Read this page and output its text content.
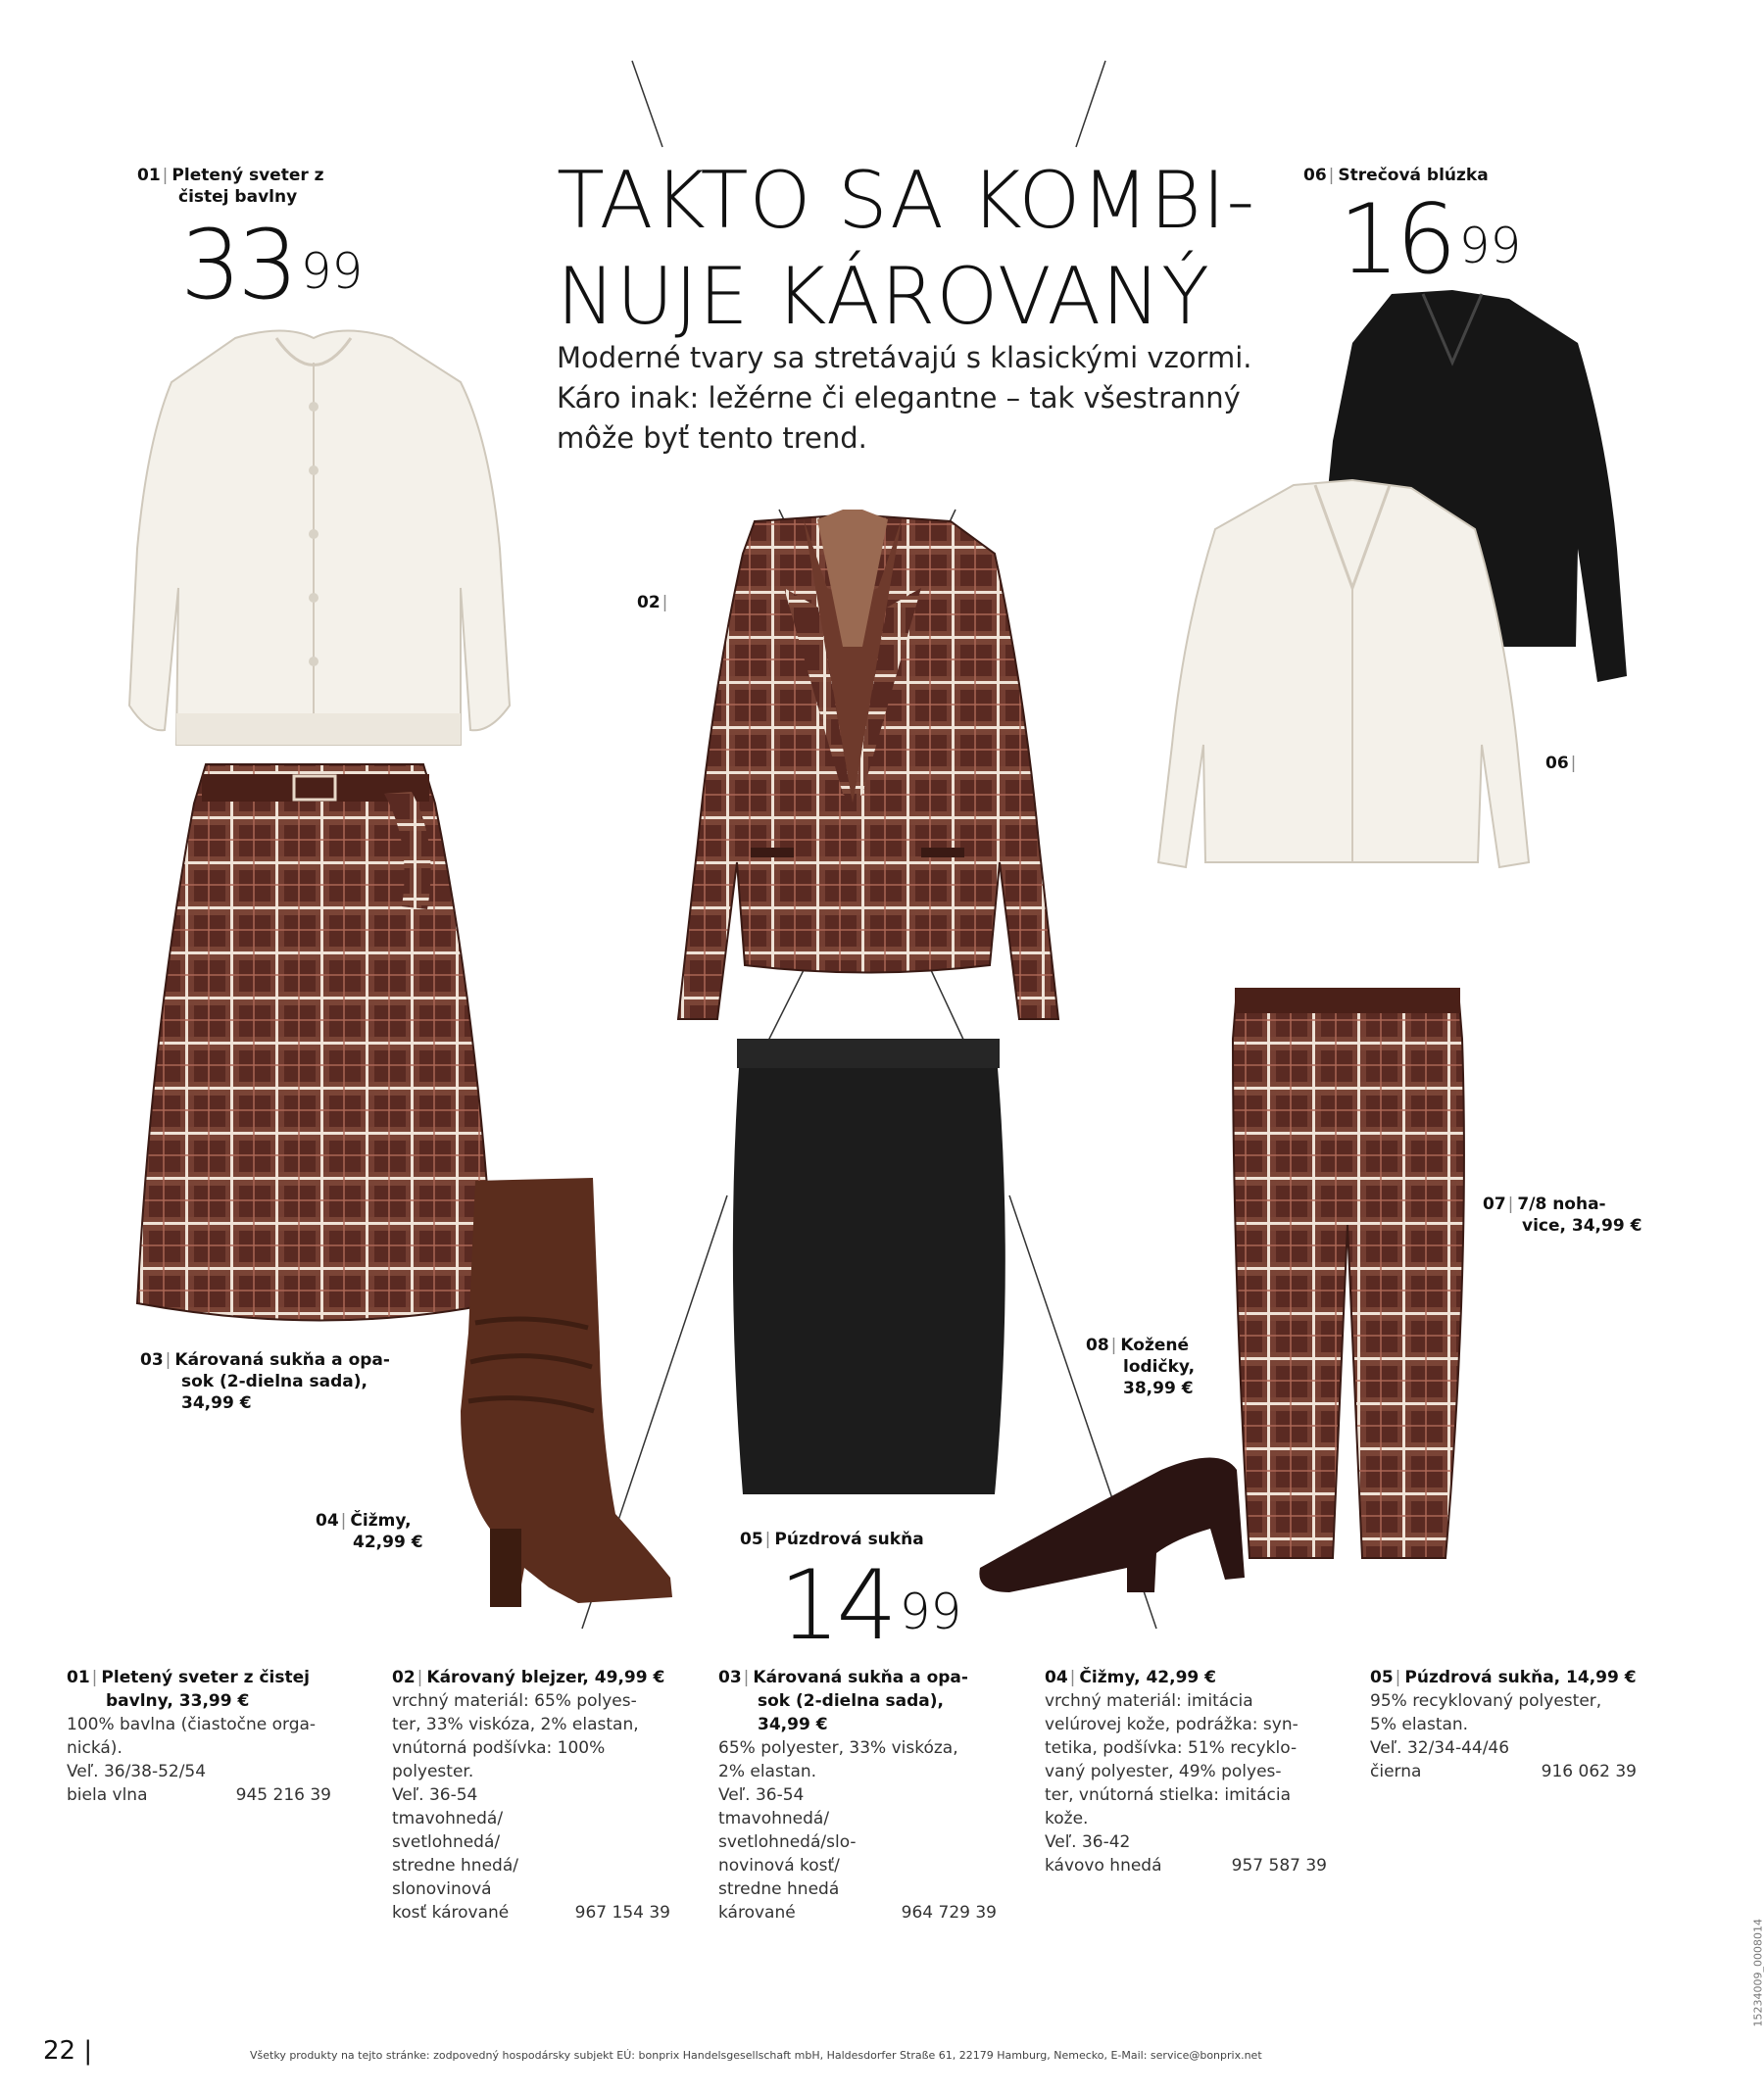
TAKTO SA KOMBI-
NUJE KÁROVANÝ
Moderné tvary sa stretávajú s klasickými vzormi.
Káro inak: ležérne či elegantne – tak všestranný
môže byť tento trend.
01 | Pletený sveter z
čistej bavlny
33 $^{99}$
06 | Strečová blúzka
16 $^{99}$
02 |
06 |
03 | Károvaná sukňa a opa-
sok (2-dielna sada),
34,99 €
04 | Čižmy,
42,99 €	05 | Púzdrová sukňa
14 $^{99}$
07 | 7/8 noha-
vice, 34,99 €
08 | Kožené
lodičky,
38,99 €
01 | Pletený sveter z čistej
bavlny, 33,99 €
100% bavlna (čiastočne orga-
nická).
Veľ. 36/38-52/54
biela vlna	945 216 39
02 | Károvaný blejzer, 49,99 €
vrchný materiál: 65% polyes-
ter, 33% viskóza, 2% elastan,
vnútorná podšívka: 100%
polyester.
Veľ. 36-54
tmavohnedá/
svetlohnedá/
stredne hnedá/
slonovinová
kosť kárované	967 154 39
03 | Károvaná sukňa a opa-
sok (2-dielna sada),
34,99 €
65% polyester, 33% viskóza,
2% elastan.
Veľ. 36-54
tmavohnedá/
svetlohnedá/slo-
novinová kosť/
stredne hnedá
kárované	964 729 39
04 | Čižmy, 42,99 €
vrchný materiál: imitácia
velúrovej kože, podrážka: syn-
tetika, podšívka: 51% recyklo-
vaný polyester, 49% polyes-
ter, vnútorná stielka: imitácia
kože.
Veľ. 36-42
kávovo hnedá	957 587 39
05 | Púzdrová sukňa, 14,99 €
95% recyklovaný polyester,
5% elastan.
Veľ. 32/34-44/46
čierna	916 062 39
22 |	Všetky produkty na tejto stránke: zodpovedný hospodársky subjekt EÚ: bonprix Handelsgesellschaft mbH, Haldesdorfer Straße 61, 22179 Hamburg, Nemecko, E-Mail: service@bonprix.net
15234009_0008014
